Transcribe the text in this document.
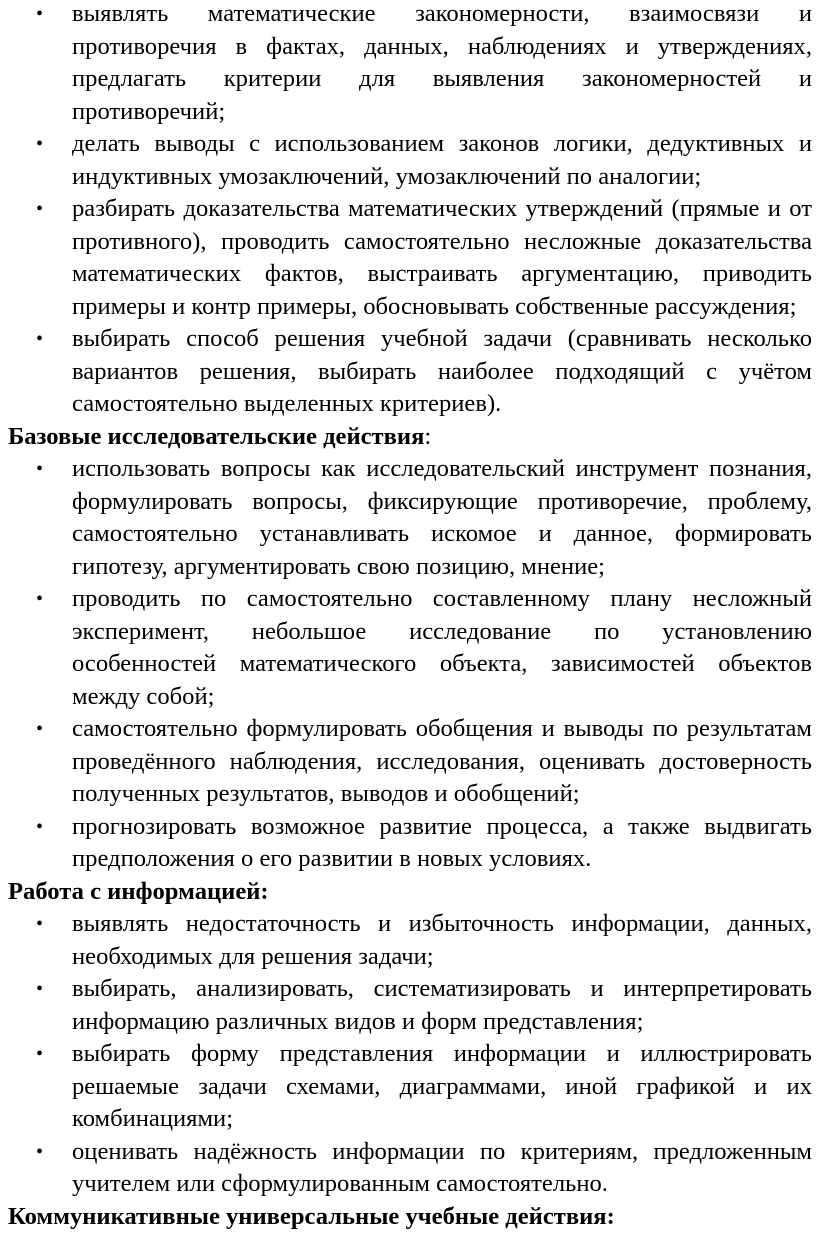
• выявлять математические закономерности, взаимосвязи и противоречия в фактах, данных, наблюдениях и утверждениях, предлагать критерии для выявления закономерностей и противоречий;
• делать выводы с использованием законов логики, дедуктивных и индуктивных умозаключений, умозаключений по аналогии;
• разбирать доказательства математических утверждений (прямые и от противного), проводить самостоятельно несложные доказательства математических фактов, выстраивать аргументацию, приводить примеры и контр примеры, обосновывать собственные рассуждения;
• выбирать способ решения учебной задачи (сравнивать несколько вариантов решения, выбирать наиболее подходящий с учётом самостоятельно выделенных критериев).

Базовые исследовательские действия:

• использовать вопросы как исследовательский инструмент познания, формулировать вопросы, фиксирующие противоречие, проблему, самостоятельно устанавливать искомое и данное, формировать гипотезу, аргументировать свою позицию, мнение;
• проводить по самостоятельно составленному плану несложный эксперимент, небольшое исследование по установлению особенностей математического объекта, зависимостей объектов между собой;
• самостоятельно формулировать обобщения и выводы по результатам проведённого наблюдения, исследования, оценивать достоверность полученных результатов, выводов и обобщений;
• прогнозировать возможное развитие процесса, а также выдвигать предположения о его развитии в новых условиях.

Работа с информацией:

• выявлять недостаточность и избыточность информации, данных, необходимых для решения задачи;
• выбирать, анализировать, систематизировать и интерпретировать информацию различных видов и форм представления;
• выбирать форму представления информации и иллюстрировать решаемые задачи схемами, диаграммами, иной графикой и их комбинациями;
• оценивать надёжность информации по критериям, предложенным учителем или сформулированным самостоятельно.

Коммуникативные универсальные учебные действия:
